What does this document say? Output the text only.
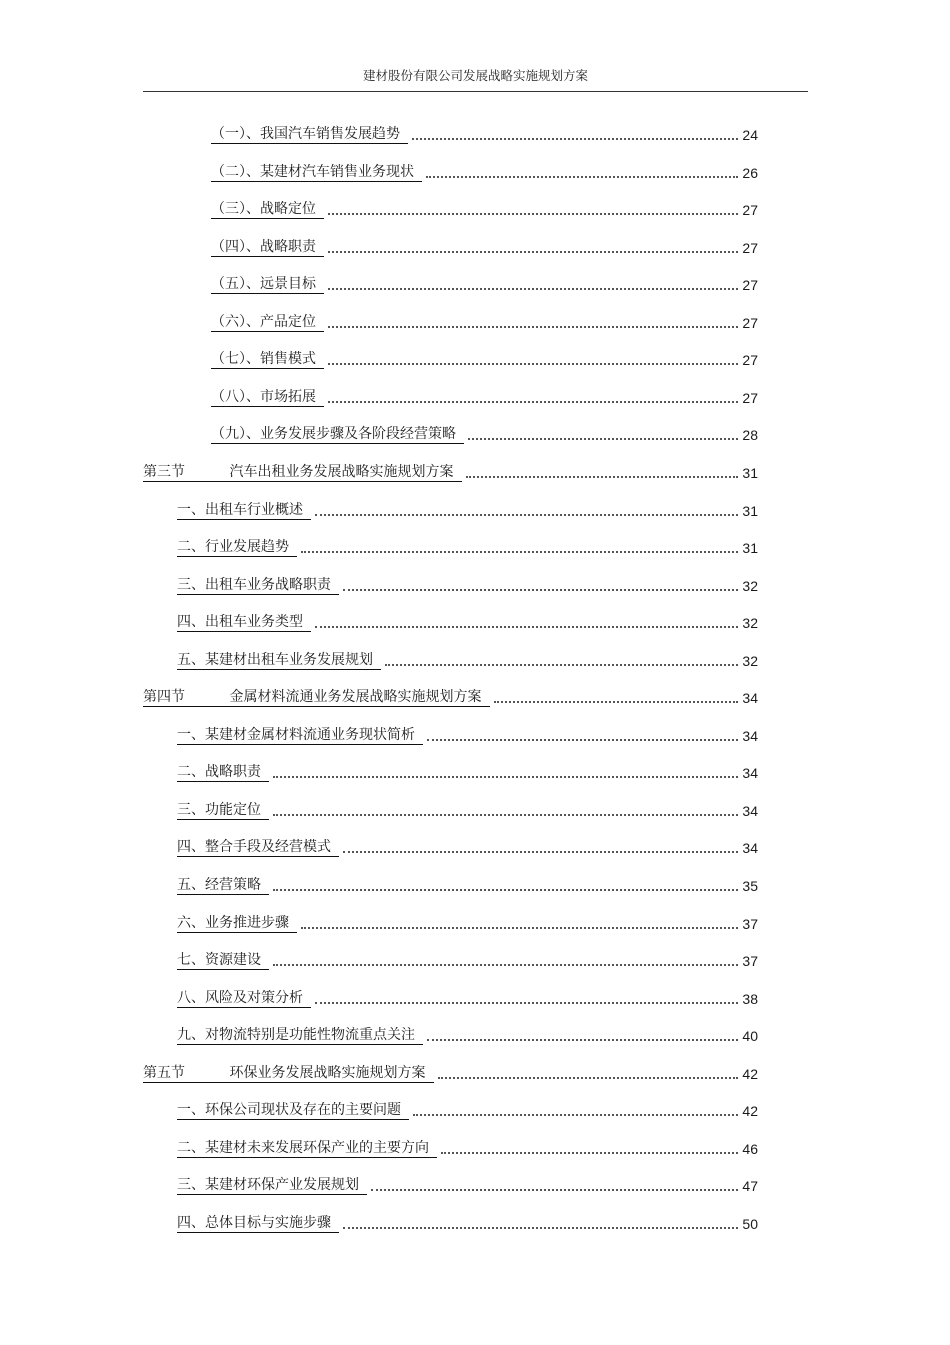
建材股份有限公司发展战略实施规划方案
（一）、我国汽车销售发展趋势	24
（二）、某建材汽车销售业务现状	26
（三）、战略定位	27
（四）、战略职责	27
（五）、远景目标	27
（六）、产品定位	27
（七）、销售模式	27
（八）、市场拓展	27
（九）、业务发展步骤及各阶段经营策略	28
第三节          汽车出租业务发展战略实施规划方案	31
一、出租车行业概述	31
二、行业发展趋势	31
三、出租车业务战略职责	32
四、出租车业务类型	32
五、某建材出租车业务发展规划	32
第四节          金属材料流通业务发展战略实施规划方案	34
一、某建材金属材料流通业务现状简析	34
二、战略职责	34
三、功能定位	34
四、整合手段及经营模式	34
五、经营策略	35
六、业务推进步骤	37
七、资源建设	37
八、风险及对策分析	38
九、对物流特别是功能性物流重点关注	40
第五节          环保业务发展战略实施规划方案	42
一、环保公司现状及存在的主要问题	42
二、某建材未来发展环保产业的主要方向	46
三、某建材环保产业发展规划	47
四、总体目标与实施步骤	50
